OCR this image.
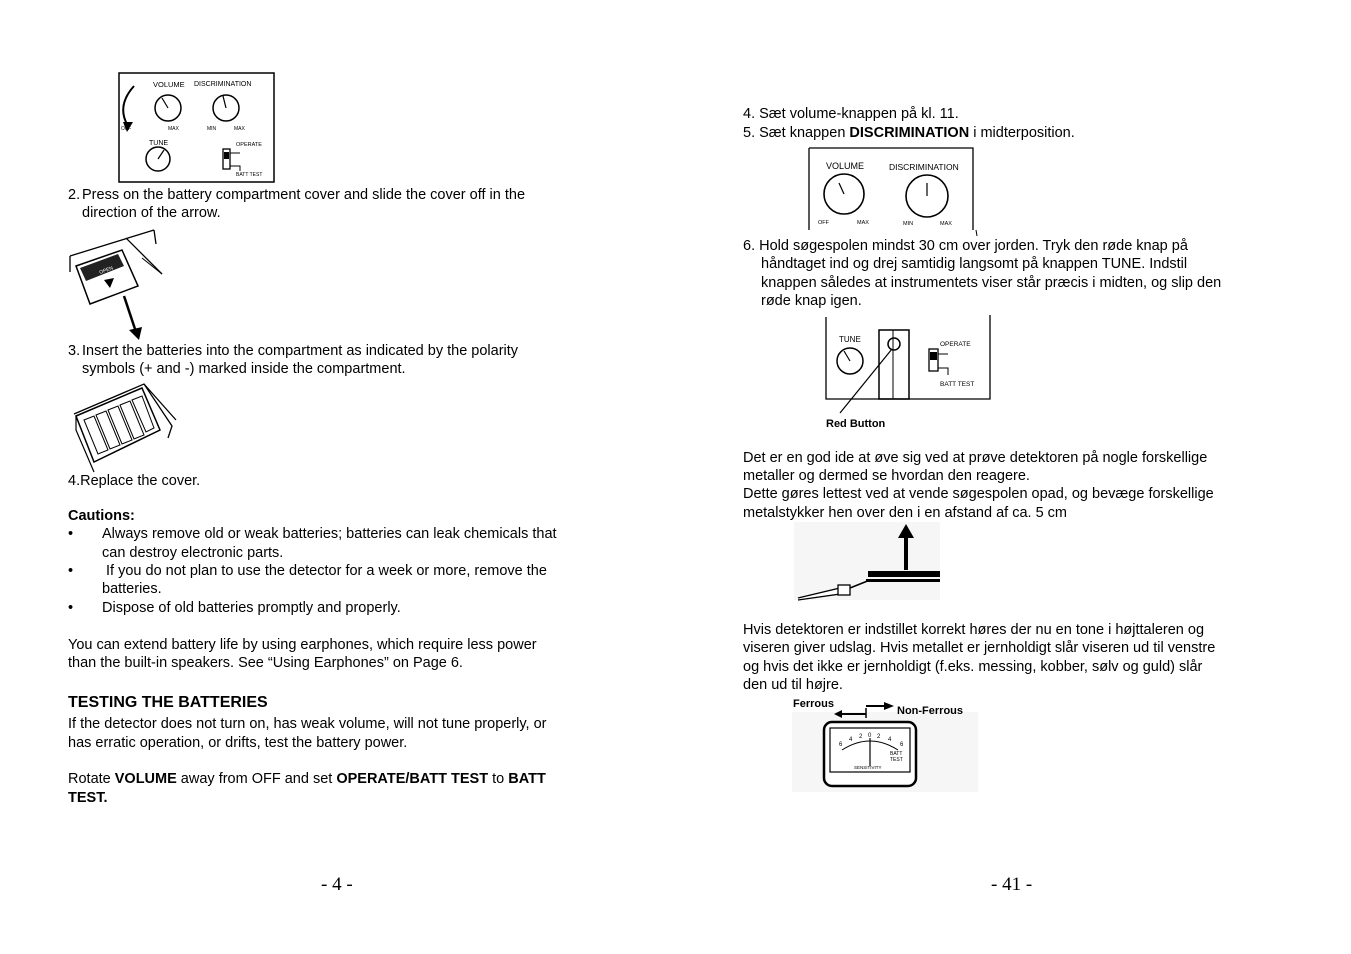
VOLUME DISCRIMINATION
OFF	MAX	MIN	MAX
TUNE	OPERATE
BATT TEST
2. Press on the battery compartment cover and slide the cover off in the
direction of the arrow.
OPEN
3. Insert the batteries into the compartment as indicated by the polarity
symbols (+ and -) marked inside the compartment.
4.Replace the cover.
Cautions:
• Always remove old or weak batteries; batteries can leak chemicals that
can destroy electronic parts.
• If you do not plan to use the detector for a week or more, remove the
batteries.
• Dispose of old batteries promptly and properly.
You can extend battery life by using earphones, which require less power
than the built-in speakers. See “Using Earphones” on Page 6.
TESTING THE BATTERIES
If the detector does not turn on, has weak volume, will not tune properly, or
has erratic operation, or drifts, test the battery power.
Rotate VOLUME away from OFF and set OPERATE/BATT TEST to BATT
TEST.
- 4 -
4. Sæt volume-knappen på kl. 11.
5. Sæt knappen DISCRIMINATION i midterposition.
VOLUME	DISCRIMINATION
OFF	MAX	MIN	MAX
6. Hold søgespolen mindst 30 cm over jorden. Tryk den røde knap på
håndtaget ind og drej samtidig langsomt på knappen TUNE. Indstil
knappen således at instrumentets viser står præcis i midten, og slip den
røde knap igen.
TUNE
OPERATE
BATT TEST
Red Button
Det er en god ide at øve sig ved at prøve detektoren på nogle forskellige
metaller og dermed se hvordan den reagere.
Dette gøres lettest ved at vende søgespolen opad, og bevæge forskellige
metalstykker hen over den i en afstand af ca. 5 cm
Hvis detektoren er indstillet korrekt høres der nu en tone i højttaleren og
viseren giver udslag. Hvis metallet er jernholdigt slår viseren ud til venstre
og hvis det ikke er jernholdigt (f.eks. messing, kobber, sølv og guld) slår
den ud til højre.
Ferrous
Non-Ferrous
6
4 2 0 2 4
6
BATT
TEST
SENSITIVITY
- 41 -
